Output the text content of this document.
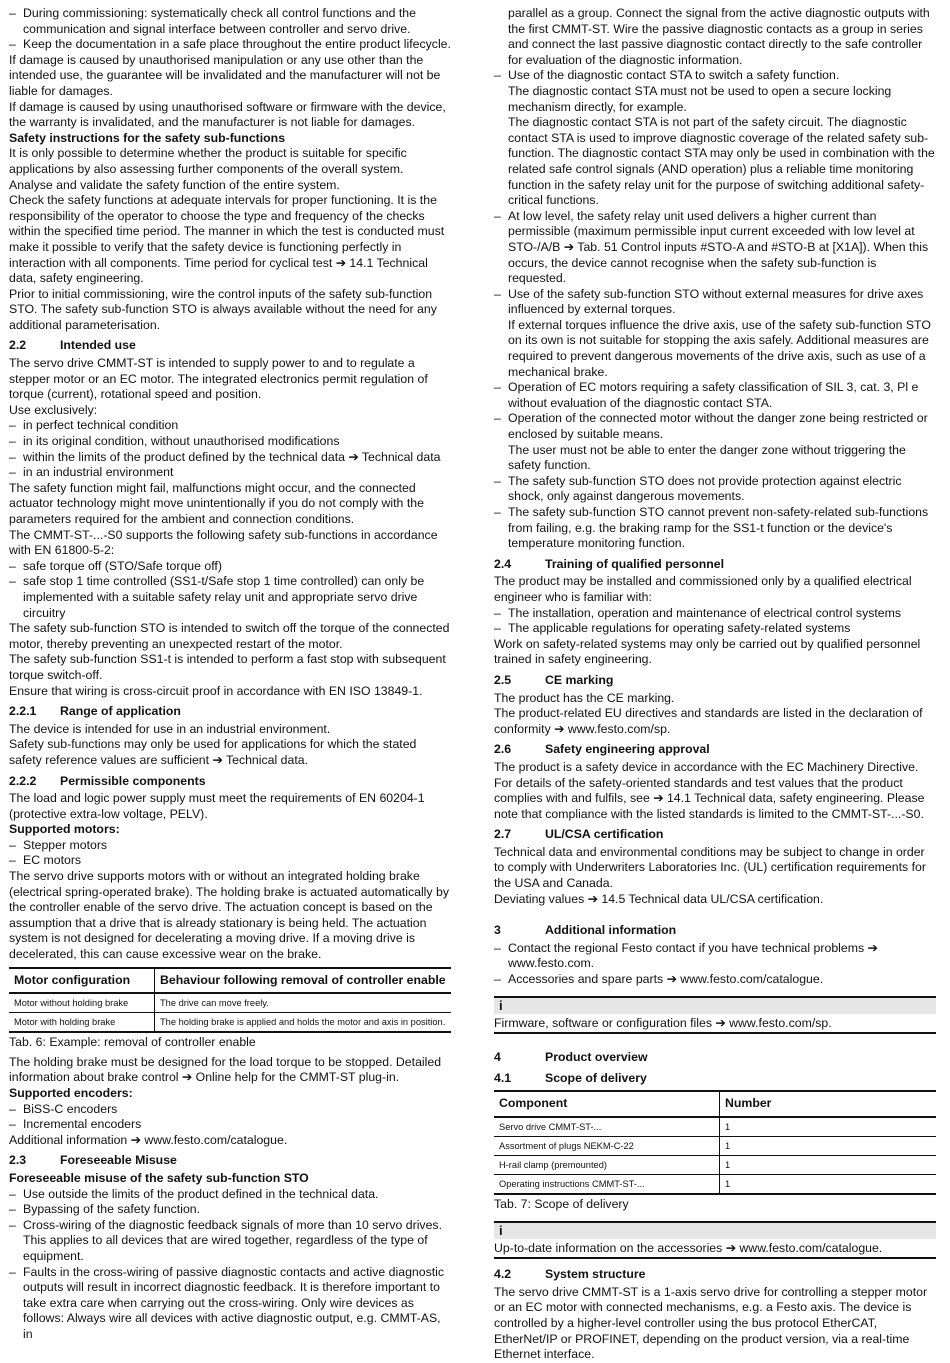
– During commissioning: systematically check all control functions and the communication and signal interface between controller and servo drive.

– Keep the documentation in a safe place throughout the entire product lifecycle.

If damage is caused by unauthorised manipulation or any use other than the intended use, the guarantee will be invalidated and the manufacturer will not be liable for damages.

If damage is caused by using unauthorised software or firmware with the device, the warranty is invalidated, and the manufacturer is not liable for damages.

Safety instructions for the safety sub-functions

It is only possible to determine whether the product is suitable for specific applications by also assessing further components of the overall system.

Analyse and validate the safety function of the entire system.

Check the safety functions at adequate intervals for proper functioning. It is the responsibility of the operator to choose the type and frequency of the checks within the specified time period. The manner in which the test is conducted must make it possible to verify that the safety device is functioning perfectly in interaction with all components. Time period for cyclical test ➔ 14.1 Technical data, safety engineering.

Prior to initial commissioning, wire the control inputs of the safety sub-function STO. The safety sub-function STO is always available without the need for any additional parameterisation.

2.2	Intended use

The servo drive CMMT-ST is intended to supply power to and to regulate a stepper motor or an EC motor. The integrated electronics permit regulation of torque (current), rotational speed and position.

Use exclusively:

– in perfect technical condition

– in its original condition, without unauthorised modifications

– within the limits of the product defined by the technical data ➔ Technical data

– in an industrial environment

The safety function might fail, malfunctions might occur, and the connected actuator technology might move unintentionally if you do not comply with the parameters required for the ambient and connection conditions.

The CMMT-ST-...-S0 supports the following safety sub-functions in accordance with EN 61800-5-2:

– safe torque off (STO/Safe torque off)

– safe stop 1 time controlled (SS1-t/Safe stop 1 time controlled) can only be implemented with a suitable safety relay unit and appropriate servo drive circuitry

The safety sub-function STO is intended to switch off the torque of the connected motor, thereby preventing an unexpected restart of the motor.

The safety sub-function SS1-t is intended to perform a fast stop with subsequent torque switch-off.

Ensure that wiring is cross-circuit proof in accordance with EN ISO 13849-1.

2.2.1	Range of application

The device is intended for use in an industrial environment.

Safety sub-functions may only be used for applications for which the stated safety reference values are sufficient ➔ Technical data.

2.2.2	Permissible components

The load and logic power supply must meet the requirements of EN 60204-1 (protective extra-low voltage, PELV).

Supported motors:

– Stepper motors

– EC motors

The servo drive supports motors with or without an integrated holding brake (electrical spring-operated brake). The holding brake is actuated automatically by the controller enable of the servo drive. The actuation concept is based on the assumption that a drive that is already stationary is being held. The actuation system is not designed for decelerating a moving drive. If a moving drive is decelerated, this can cause excessive wear on the brake.

Motor configuration	Behaviour following removal of controller enable
Motor without holding brake	The drive can move freely.
Motor with holding brake	The holding brake is applied and holds the motor and axis in position.

Tab. 6: Example: removal of controller enable

The holding brake must be designed for the load torque to be stopped. Detailed information about brake control ➔ Online help for the CMMT-ST plug-in.

Supported encoders:

– BiSS-C encoders

– Incremental encoders

Additional information ➔ www.festo.com/catalogue.

2.3	Foreseeable Misuse

Foreseeable misuse of the safety sub-function STO

– Use outside the limits of the product defined in the technical data.

– Bypassing of the safety function.

– Cross-wiring of the diagnostic feedback signals of more than 10 servo drives. This applies to all devices that are wired together, regardless of the type of equipment.

– Faults in the cross-wiring of passive diagnostic contacts and active diagnostic outputs will result in incorrect diagnostic feedback. It is therefore important to take extra care when carrying out the cross-wiring. Only wire devices as follows: Always wire all devices with active diagnostic output, e.g. CMMT-AS, in

parallel as a group. Connect the signal from the active diagnostic outputs with the first CMMT-ST. Wire the passive diagnostic contacts as a group in series and connect the last passive diagnostic contact directly to the safe controller for evaluation of the diagnostic information.

– Use of the diagnostic contact STA to switch a safety function.

The diagnostic contact STA must not be used to open a secure locking mechanism directly, for example.

The diagnostic contact STA is not part of the safety circuit. The diagnostic contact STA is used to improve diagnostic coverage of the related safety sub-function. The diagnostic contact STA may only be used in combination with the related safe control signals (AND operation) plus a reliable time monitoring function in the safety relay unit for the purpose of switching additional safety-critical functions.

– At low level, the safety relay unit used delivers a higher current than permissible (maximum permissible input current exceeded with low level at STO-/A/B ➔ Tab. 51 Control inputs #STO-A and #STO-B at [X1A]). When this occurs, the device cannot recognise when the safety sub-function is requested.

– Use of the safety sub-function STO without external measures for drive axes influenced by external torques.

If external torques influence the drive axis, use of the safety sub-function STO on its own is not suitable for stopping the axis safely. Additional measures are required to prevent dangerous movements of the drive axis, such as use of a mechanical brake.

– Operation of EC motors requiring a safety classification of SIL 3, cat. 3, Pl e without evaluation of the diagnostic contact STA.

– Operation of the connected motor without the danger zone being restricted or enclosed by suitable means.

The user must not be able to enter the danger zone without triggering the safety function.

– The safety sub-function STO does not provide protection against electric shock, only against dangerous movements.

– The safety sub-function STO cannot prevent non-safety-related sub-functions from failing, e.g. the braking ramp for the SS1-t function or the device's temperature monitoring function.

2.4	Training of qualified personnel

The product may be installed and commissioned only by a qualified electrical engineer who is familiar with:

– The installation, operation and maintenance of electrical control systems

– The applicable regulations for operating safety-related systems

Work on safety-related systems may only be carried out by qualified personnel trained in safety engineering.

2.5	CE marking

The product has the CE marking.

The product-related EU directives and standards are listed in the declaration of conformity ➔ www.festo.com/sp.

2.6	Safety engineering approval

The product is a safety device in accordance with the EC Machinery Directive. For details of the safety-oriented standards and test values that the product complies with and fulfils, see ➔ 14.1 Technical data, safety engineering. Please note that compliance with the listed standards is limited to the CMMT-ST-...-S0.

2.7	UL/CSA certification

Technical data and environmental conditions may be subject to change in order to comply with Underwriters Laboratories Inc. (UL) certification requirements for the USA and Canada.

Deviating values ➔ 14.5 Technical data UL/CSA certification.

3	Additional information

– Contact the regional Festo contact if you have technical problems ➔ www.festo.com.

– Accessories and spare parts ➔ www.festo.com/catalogue.

i

Firmware, software or configuration files ➔ www.festo.com/sp.

4	Product overview
4.1	Scope of delivery
Component	Number
Servo drive CMMT-ST-...	1
Assortment of plugs NEKM-C-22	1
H-rail clamp (premounted)	1
Operating instructions CMMT-ST-...	1

Tab. 7: Scope of delivery

i

Up-to-date information on the accessories ➔ www.festo.com/catalogue.

4.2	System structure

The servo drive CMMT-ST is a 1-axis servo drive for controlling a stepper motor or an EC motor with connected mechanisms, e.g. a Festo axis. The device is controlled by a higher-level controller using the bus protocol EtherCAT, EtherNet/IP or PROFINET, depending on the product version, via a real-time Ethernet interface.
